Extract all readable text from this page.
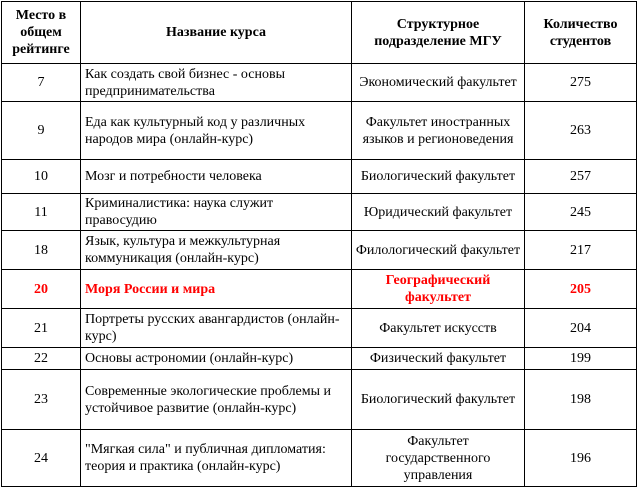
Место в общем рейтинге	Название курса	Структурное подразделение МГУ	Количество студентов
7	Как создать свой бизнес - основы предпринимательства	Экономический факультет	275
9	Еда как культурный код у различных народов мира (онлайн-курс)	Факультет иностранных языков и регионоведения	263
10	Мозг и потребности человека	Биологический факультет	257
11	Криминалистика: наука служит правосудию	Юридический факультет	245
18	Язык, культура и межкультурная коммуникация (онлайн-курс)	Филологический факультет	217
20	Моря России и мира	Географический факультет	205
21	Портреты русских авангардистов (онлайн-курс)	Факультет искусств	204
22	Основы астрономии (онлайн-курс)	Физический факультет	199
23	Современные экологические проблемы и устойчивое развитие (онлайн-курс)	Биологический факультет	198
24	"Мягкая сила" и публичная дипломатия: теория и практика (онлайн-курс)	Факультет государственного управления	196
